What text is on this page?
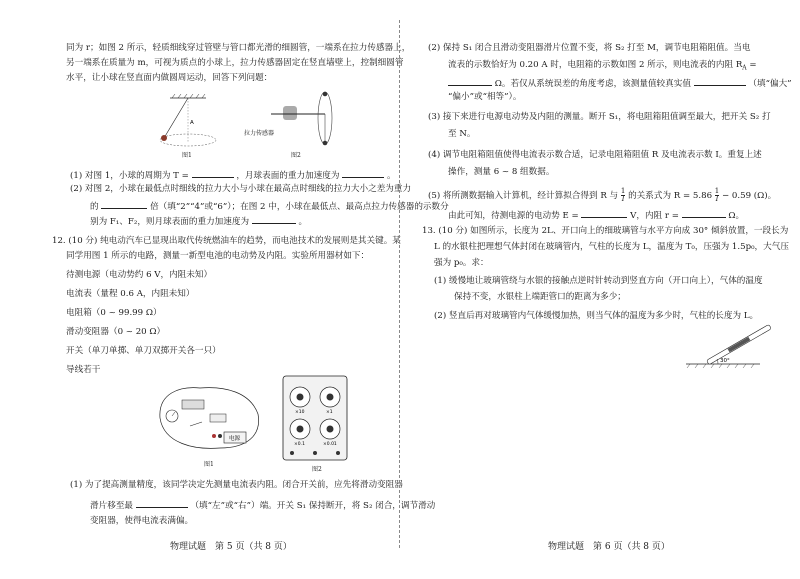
同为 r；如图 2 所示，轻质细线穿过管壁与管口都光滑的细圆管，一端系在拉力传感器上，
另一端系在质量为 m，可视为质点的小球上，拉力传感器固定在竖直墙壁上，控制细圆管
水平，让小球在竖直面内做圆周运动，回答下列问题：
A
图1
拉力传感器
图2
(1) 对图 1，小球的周期为 T =	，月球表面的重力加速度为	。
(2) 对图 2，小球在最低点时细线的拉力大小与小球在最高点时细线的拉力大小之差为重力
的	倍（填“2”“4”或“6”）；在图 2 中，小球在最低点、最高点拉力传感器的示数分
别为 F₁、F₂，则月球表面的重力加速度为	。
12. (10 分) 纯电动汽车已显现出取代传统燃油车的趋势，而电池技术的发展则是其关键。某
同学用图 1 所示的电路，测量一新型电池的电动势及内阻。实验所用器材如下：
待测电源（电动势约 6 V，内阻未知）
电流表（量程 0.6 A，内阻未知）
电阻箱（0 ~ 99.99 Ω）
滑动变阻器（0 ~ 20 Ω）
开关（单刀单掷、单刀双掷开关各一只）
导线若干
电源
图1
×10	×1
×0.1	×0.01
图2
(1) 为了提高测量精度，该同学决定先测量电流表内阻。闭合开关前，应先将滑动变阻器
滑片移至最	（填“左”或“右”）端。开关 S₁ 保持断开，将 S₂ 闭合，调节滑动
变阻器，使得电流表满偏。
物理试题　第 5 页（共 8 页）
(2) 保持 S₁ 闭合且滑动变阻器滑片位置不变，将 S₂ 打至 M，调节电阻箱阻值。当电
流表的示数恰好为 0.20 A 时，电阻箱的示数如图 2 所示，则电流表的内阻 $R_A$ =
Ω。若仅从系统误差的角度考虑，该测量值较真实值	（填“偏大”
“偏小”或“相等”）。
(3) 接下来进行电源电动势及内阻的测量。断开 S₁，将电阻箱阻值调至最大，把开关 S₂ 打
至 N。
(4) 调节电阻箱阻值使得电流表示数合适，记录电阻箱阻值 R 及电流表示数 I。重复上述
操作，测量 6 ~ 8 组数据。
(5) 将所测数据输入计算机，经计算拟合得到 R 与 $\frac{1}{I}$ 的关系式为 $R = 5.86 \frac{1}{I} - 0.59$ (Ω)。
由此可知，待测电源的电动势 E =	V，内阻 r =	Ω。
13. (10 分) 如图所示，长度为 2L、开口向上的细玻璃管与水平方向成 30° 倾斜放置，一段长为
L 的水银柱把理想气体封闭在玻璃管内，气柱的长度为 L，温度为 T₀，压强为 1.5p₀，大气压
强为 p₀。求：
(1) 缓慢地让玻璃管绕与水银的接触点逆时针转动到竖直方向（开口向上），气体的温度
保持不变，水银柱上端距管口的距离为多少；
(2) 竖直后再对玻璃管内气体缓慢加热，则当气体的温度为多少时，气柱的长度为 L。
30°
物理试题　第 6 页（共 8 页）
